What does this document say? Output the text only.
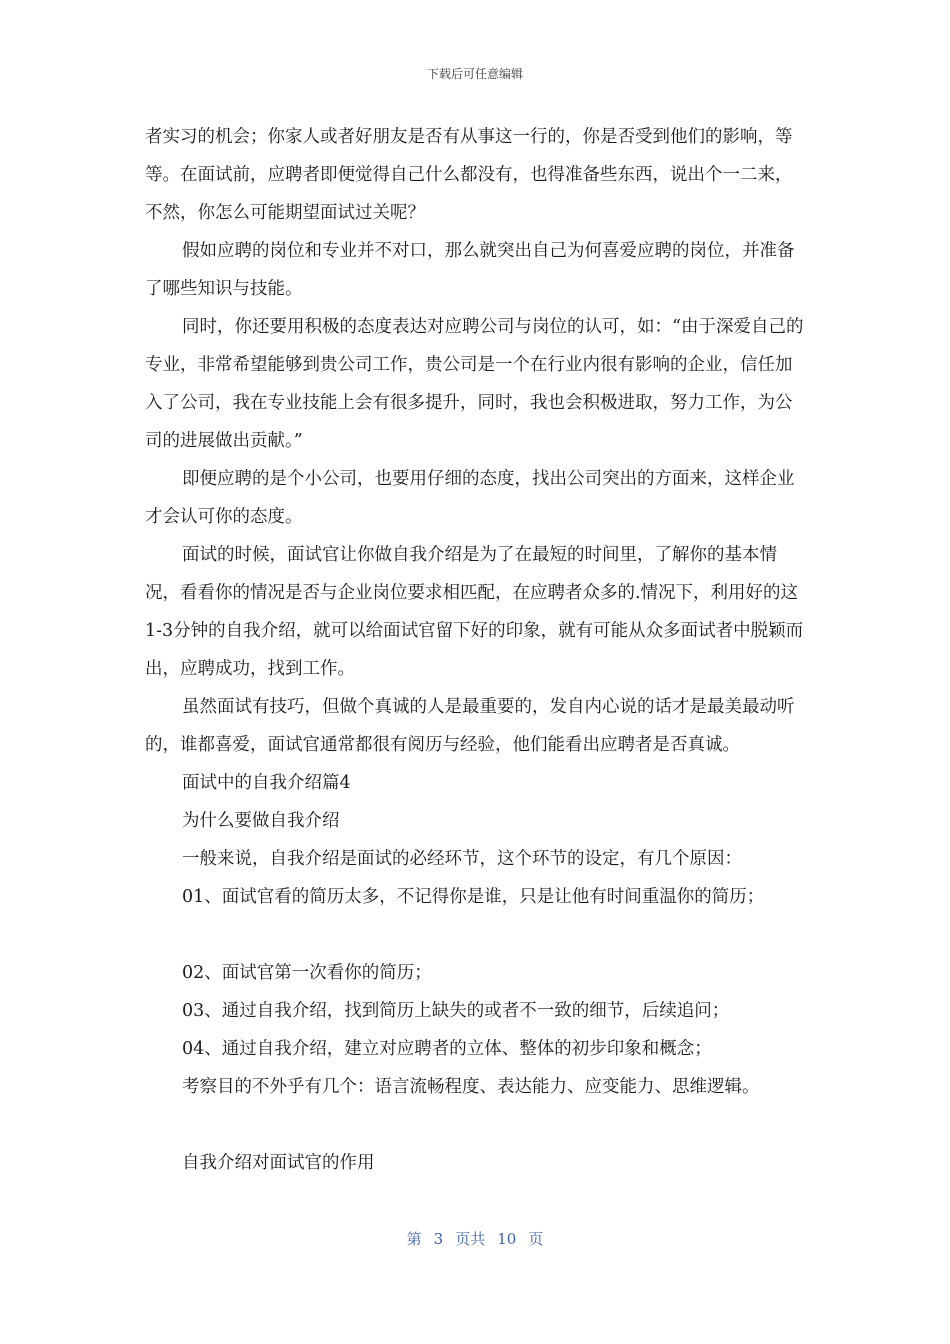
下载后可任意编辑

者实习的机会；你家人或者好朋友是否有从事这一行的，你是否受到他们的影响，等等。在面试前，应聘者即便觉得自己什么都没有，也得准备些东西，说出个一二来，不然，你怎么可能期望面试过关呢？

假如应聘的岗位和专业并不对口，那么就突出自己为何喜爱应聘的岗位，并准备了哪些知识与技能。

同时，你还要用积极的态度表达对应聘公司与岗位的认可，如：“由于深爱自己的专业，非常希望能够到贵公司工作，贵公司是一个在行业内很有影响的企业，信任加入了公司，我在专业技能上会有很多提升，同时，我也会积极进取，努力工作，为公司的进展做出贡献。”

即便应聘的是个小公司，也要用仔细的态度，找出公司突出的方面来，这样企业才会认可你的态度。

面试的时候，面试官让你做自我介绍是为了在最短的时间里，了解你的基本情况，看看你的情况是否与企业岗位要求相匹配，在应聘者众多的.情况下，利用好的这1-3分钟的自我介绍，就可以给面试官留下好的印象，就有可能从众多面试者中脱颖而出，应聘成功，找到工作。

虽然面试有技巧，但做个真诚的人是最重要的，发自内心说的话才是最美最动听的，谁都喜爱，面试官通常都很有阅历与经验，他们能看出应聘者是否真诚。

面试中的自我介绍篇4

为什么要做自我介绍

一般来说，自我介绍是面试的必经环节，这个环节的设定，有几个原因：

01、面试官看的简历太多，不记得你是谁，只是让他有时间重温你的简历；

02、面试官第一次看你的简历；

03、通过自我介绍，找到简历上缺失的或者不一致的细节，后续追问；

04、通过自我介绍，建立对应聘者的立体、整体的初步印象和概念；

考察目的不外乎有几个：语言流畅程度、表达能力、应变能力、思维逻辑。

自我介绍对面试官的作用

第 3 页共 10 页
